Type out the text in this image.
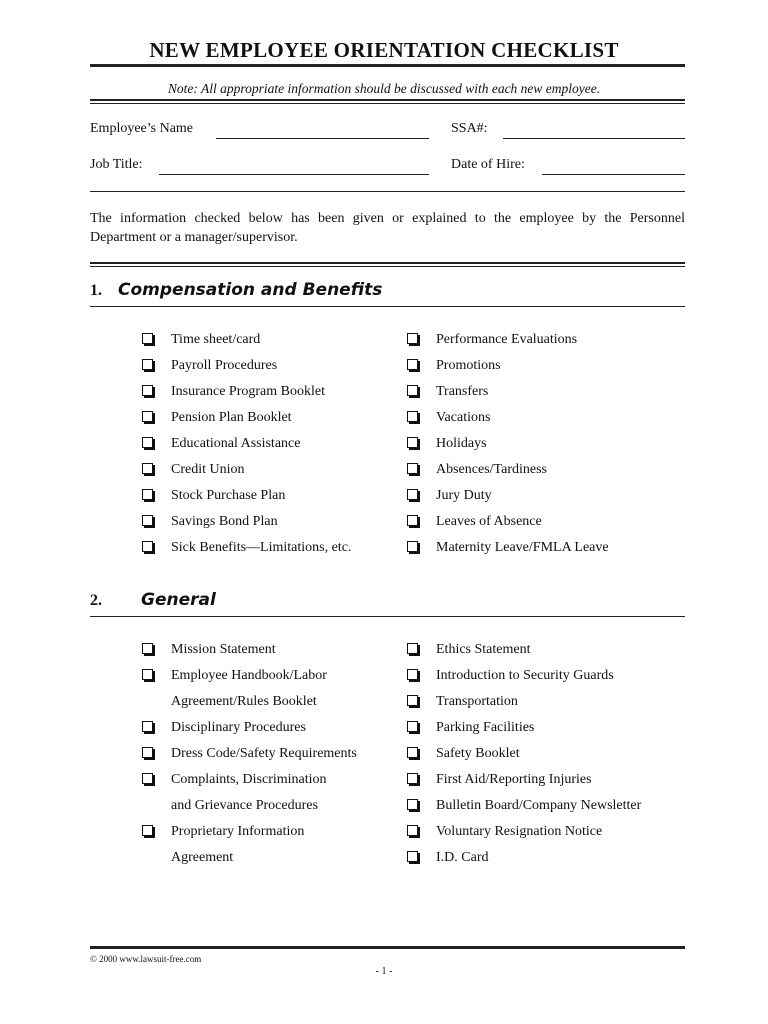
NEW EMPLOYEE ORIENTATION CHECKLIST
Note: All appropriate information should be discussed with each new employee.
Employee’s Name	SSA#:
Job Title:	Date of Hire:
The information checked below has been given or explained to the employee by the Personnel Department or a manager/supervisor.
1. Compensation and Benefits
Time sheet/card
Payroll Procedures
Insurance Program Booklet
Pension Plan Booklet
Educational Assistance
Credit Union
Stock Purchase Plan
Savings Bond Plan
Sick Benefits—Limitations, etc.
Performance Evaluations
Promotions
Transfers
Vacations
Holidays
Absences/Tardiness
Jury Duty
Leaves of Absence
Maternity Leave/FMLA Leave
2. General
Mission Statement
Employee Handbook/Labor
Agreement/Rules Booklet
Disciplinary Procedures
Dress Code/Safety Requirements
Complaints, Discrimination
and Grievance Procedures
Proprietary Information
Agreement
Ethics Statement
Introduction to Security Guards
Transportation
Parking Facilities
Safety Booklet
First Aid/Reporting Injuries
Bulletin Board/Company Newsletter
Voluntary Resignation Notice
I.D. Card
© 2000 www.lawsuit-free.com
- 1 -
